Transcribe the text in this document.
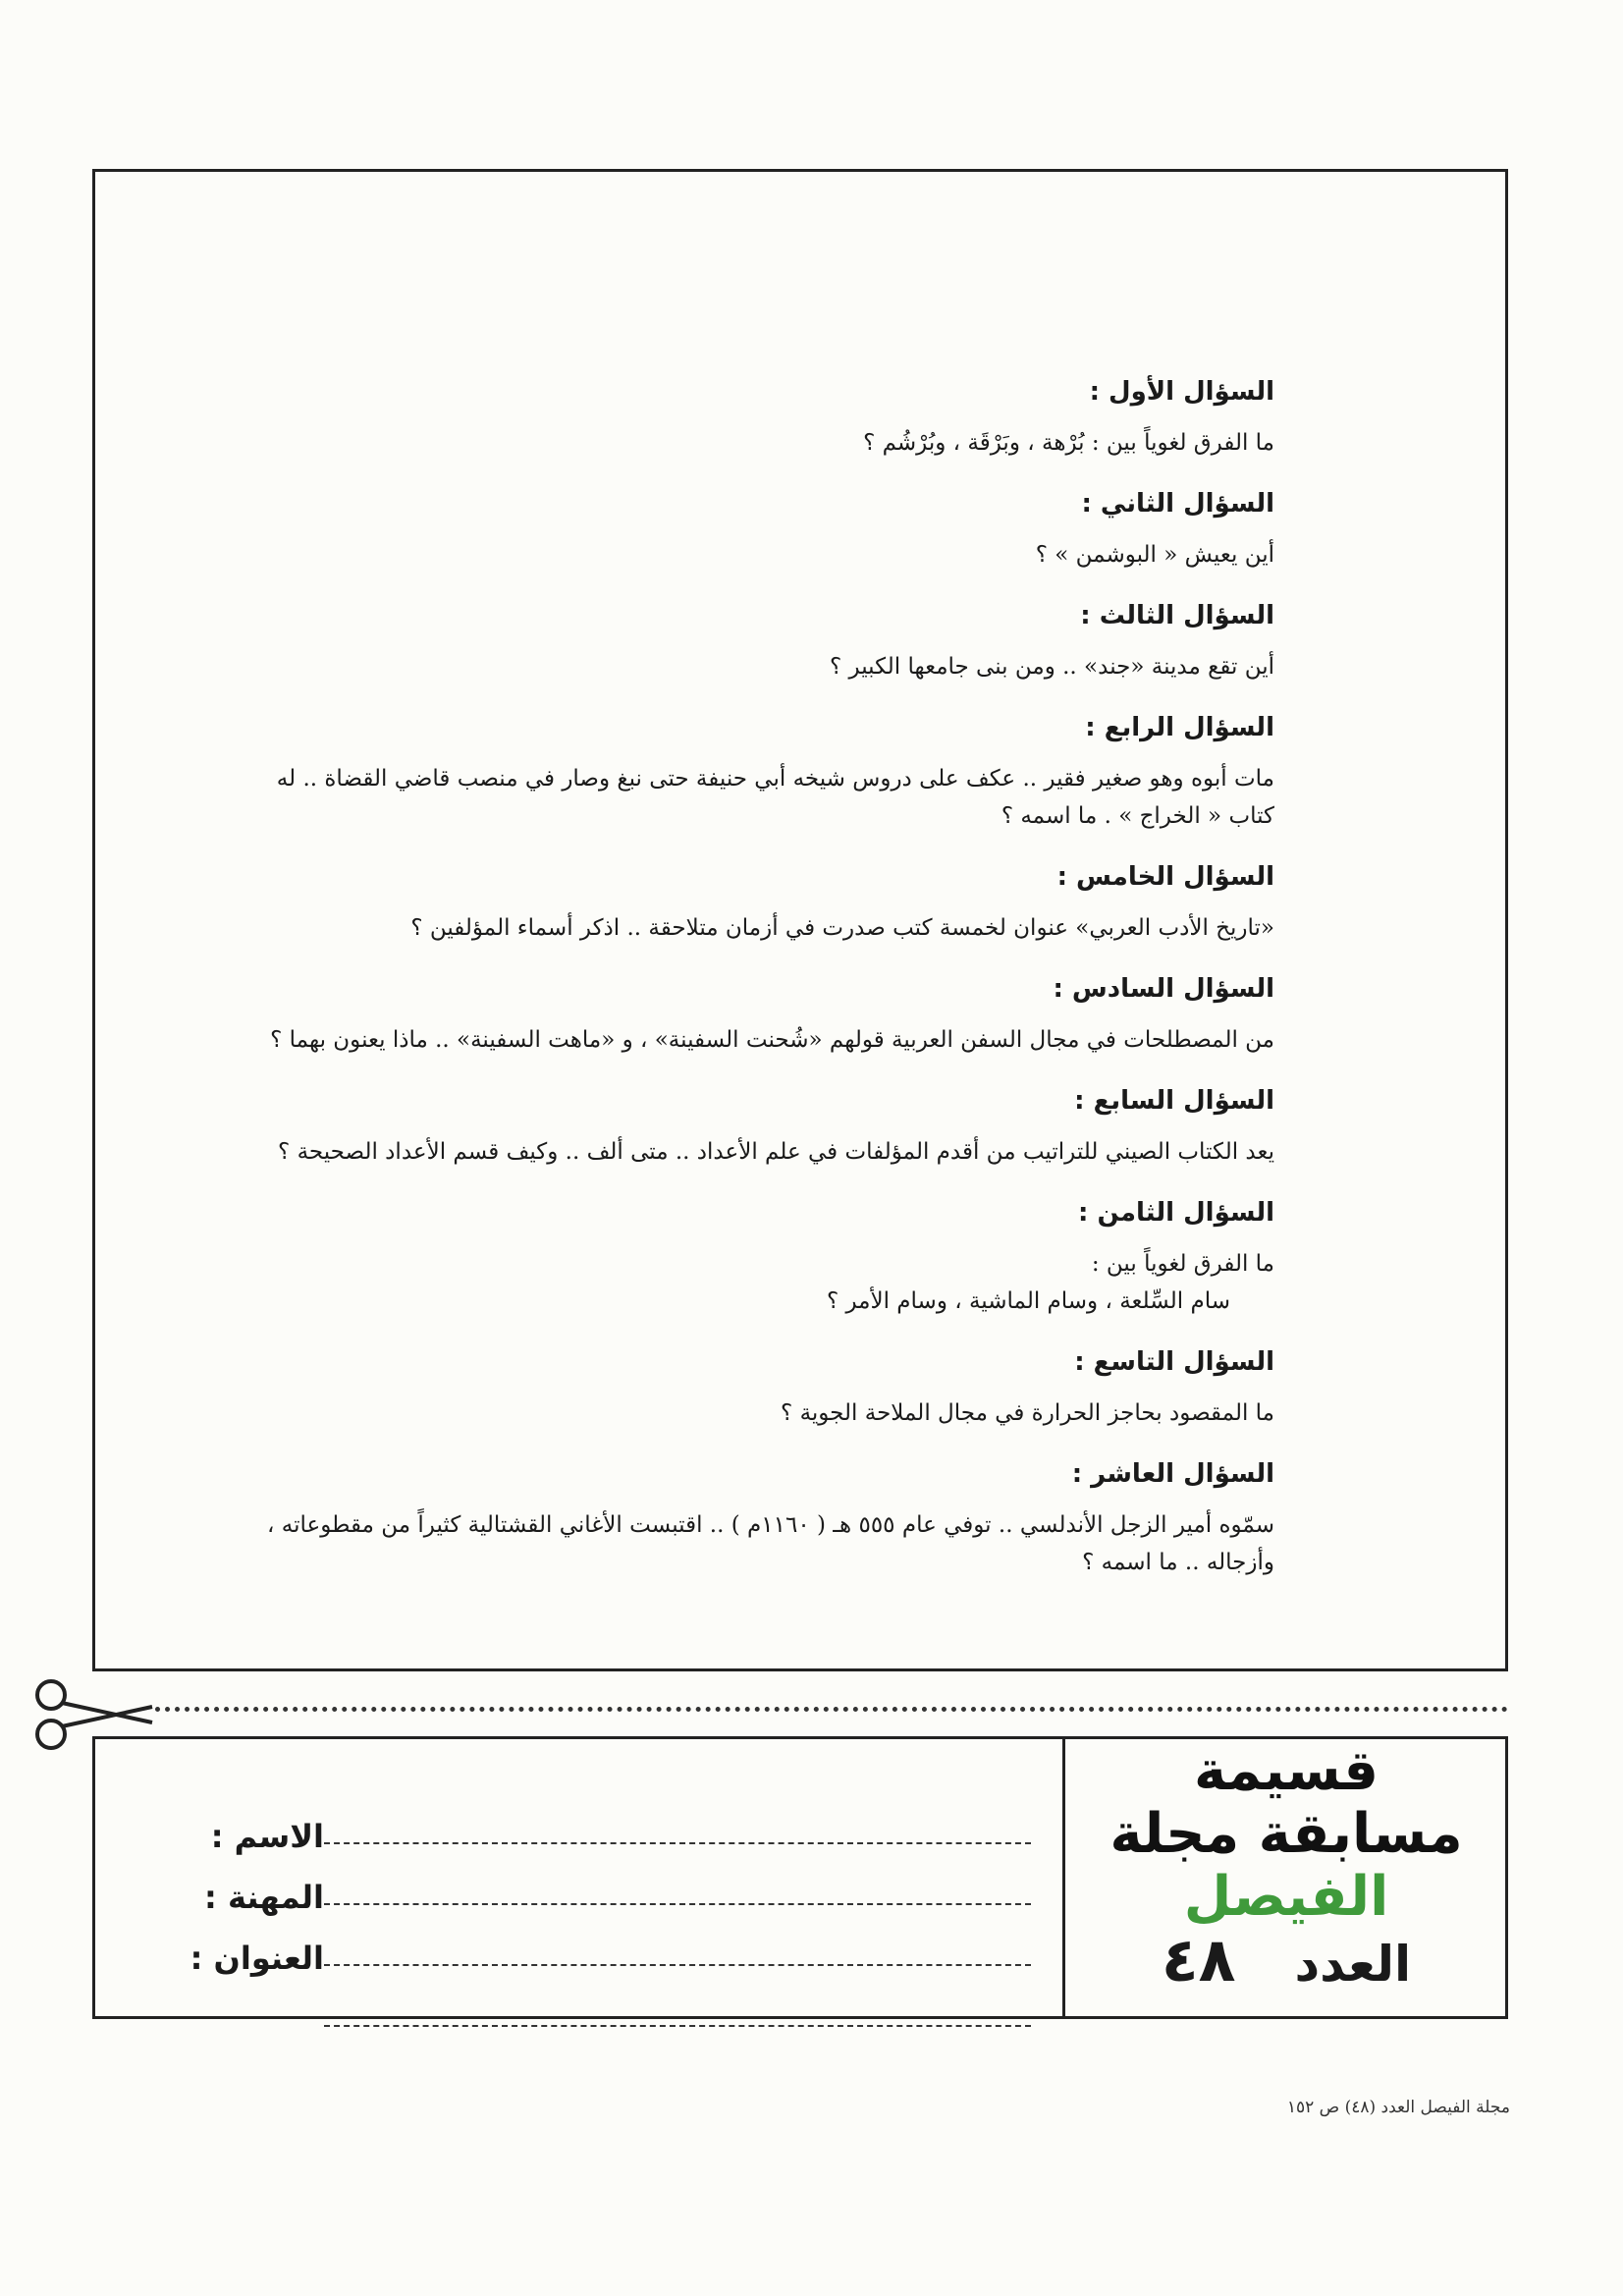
السؤال الأول :
ما الفرق لغوياً بين : بُرْهة ، وبَرْقَة ، وبُرْشُم ؟
السؤال الثاني :
أين يعيش « البوشمن » ؟
السؤال الثالث :
أين تقع مدينة «جند» .. ومن بنى جامعها الكبير ؟
السؤال الرابع :
مات أبوه وهو صغير فقير .. عكف على دروس شيخه أبي حنيفة حتى نبغ وصار في منصب قاضي القضاة .. له
كتاب « الخراج » . ما اسمه ؟
السؤال الخامس :
«تاريخ الأدب العربي» عنوان لخمسة كتب صدرت في أزمان متلاحقة .. اذكر أسماء المؤلفين ؟
السؤال السادس :
من المصطلحات في مجال السفن العربية قولهم «شُحنت السفينة» ، و «ماهت السفينة» .. ماذا يعنون بهما ؟
السؤال السابع :
يعد الكتاب الصيني للتراتيب من أقدم المؤلفات في علم الأعداد .. متى ألف .. وكيف قسم الأعداد الصحيحة ؟
السؤال الثامن :
ما الفرق لغوياً بين :
سام السِّلعة ، وسام الماشية ، وسام الأمر ؟
السؤال التاسع :
ما المقصود بحاجز الحرارة في مجال الملاحة الجوية ؟
السؤال العاشر :
سمّوه أمير الزجل الأندلسي .. توفي عام ٥٥٥ هـ ( ١١٦٠م ) .. اقتبست الأغاني القشتالية كثيراً من مقطوعاته ،
وأزجاله .. ما اسمه ؟
قسيمة
مسابقة مجلة
الفيصل
العدد
٤٨
الاسم :
المهنة :
العنوان :
مجلة الفيصل العدد (٤٨) ص ١٥٢
